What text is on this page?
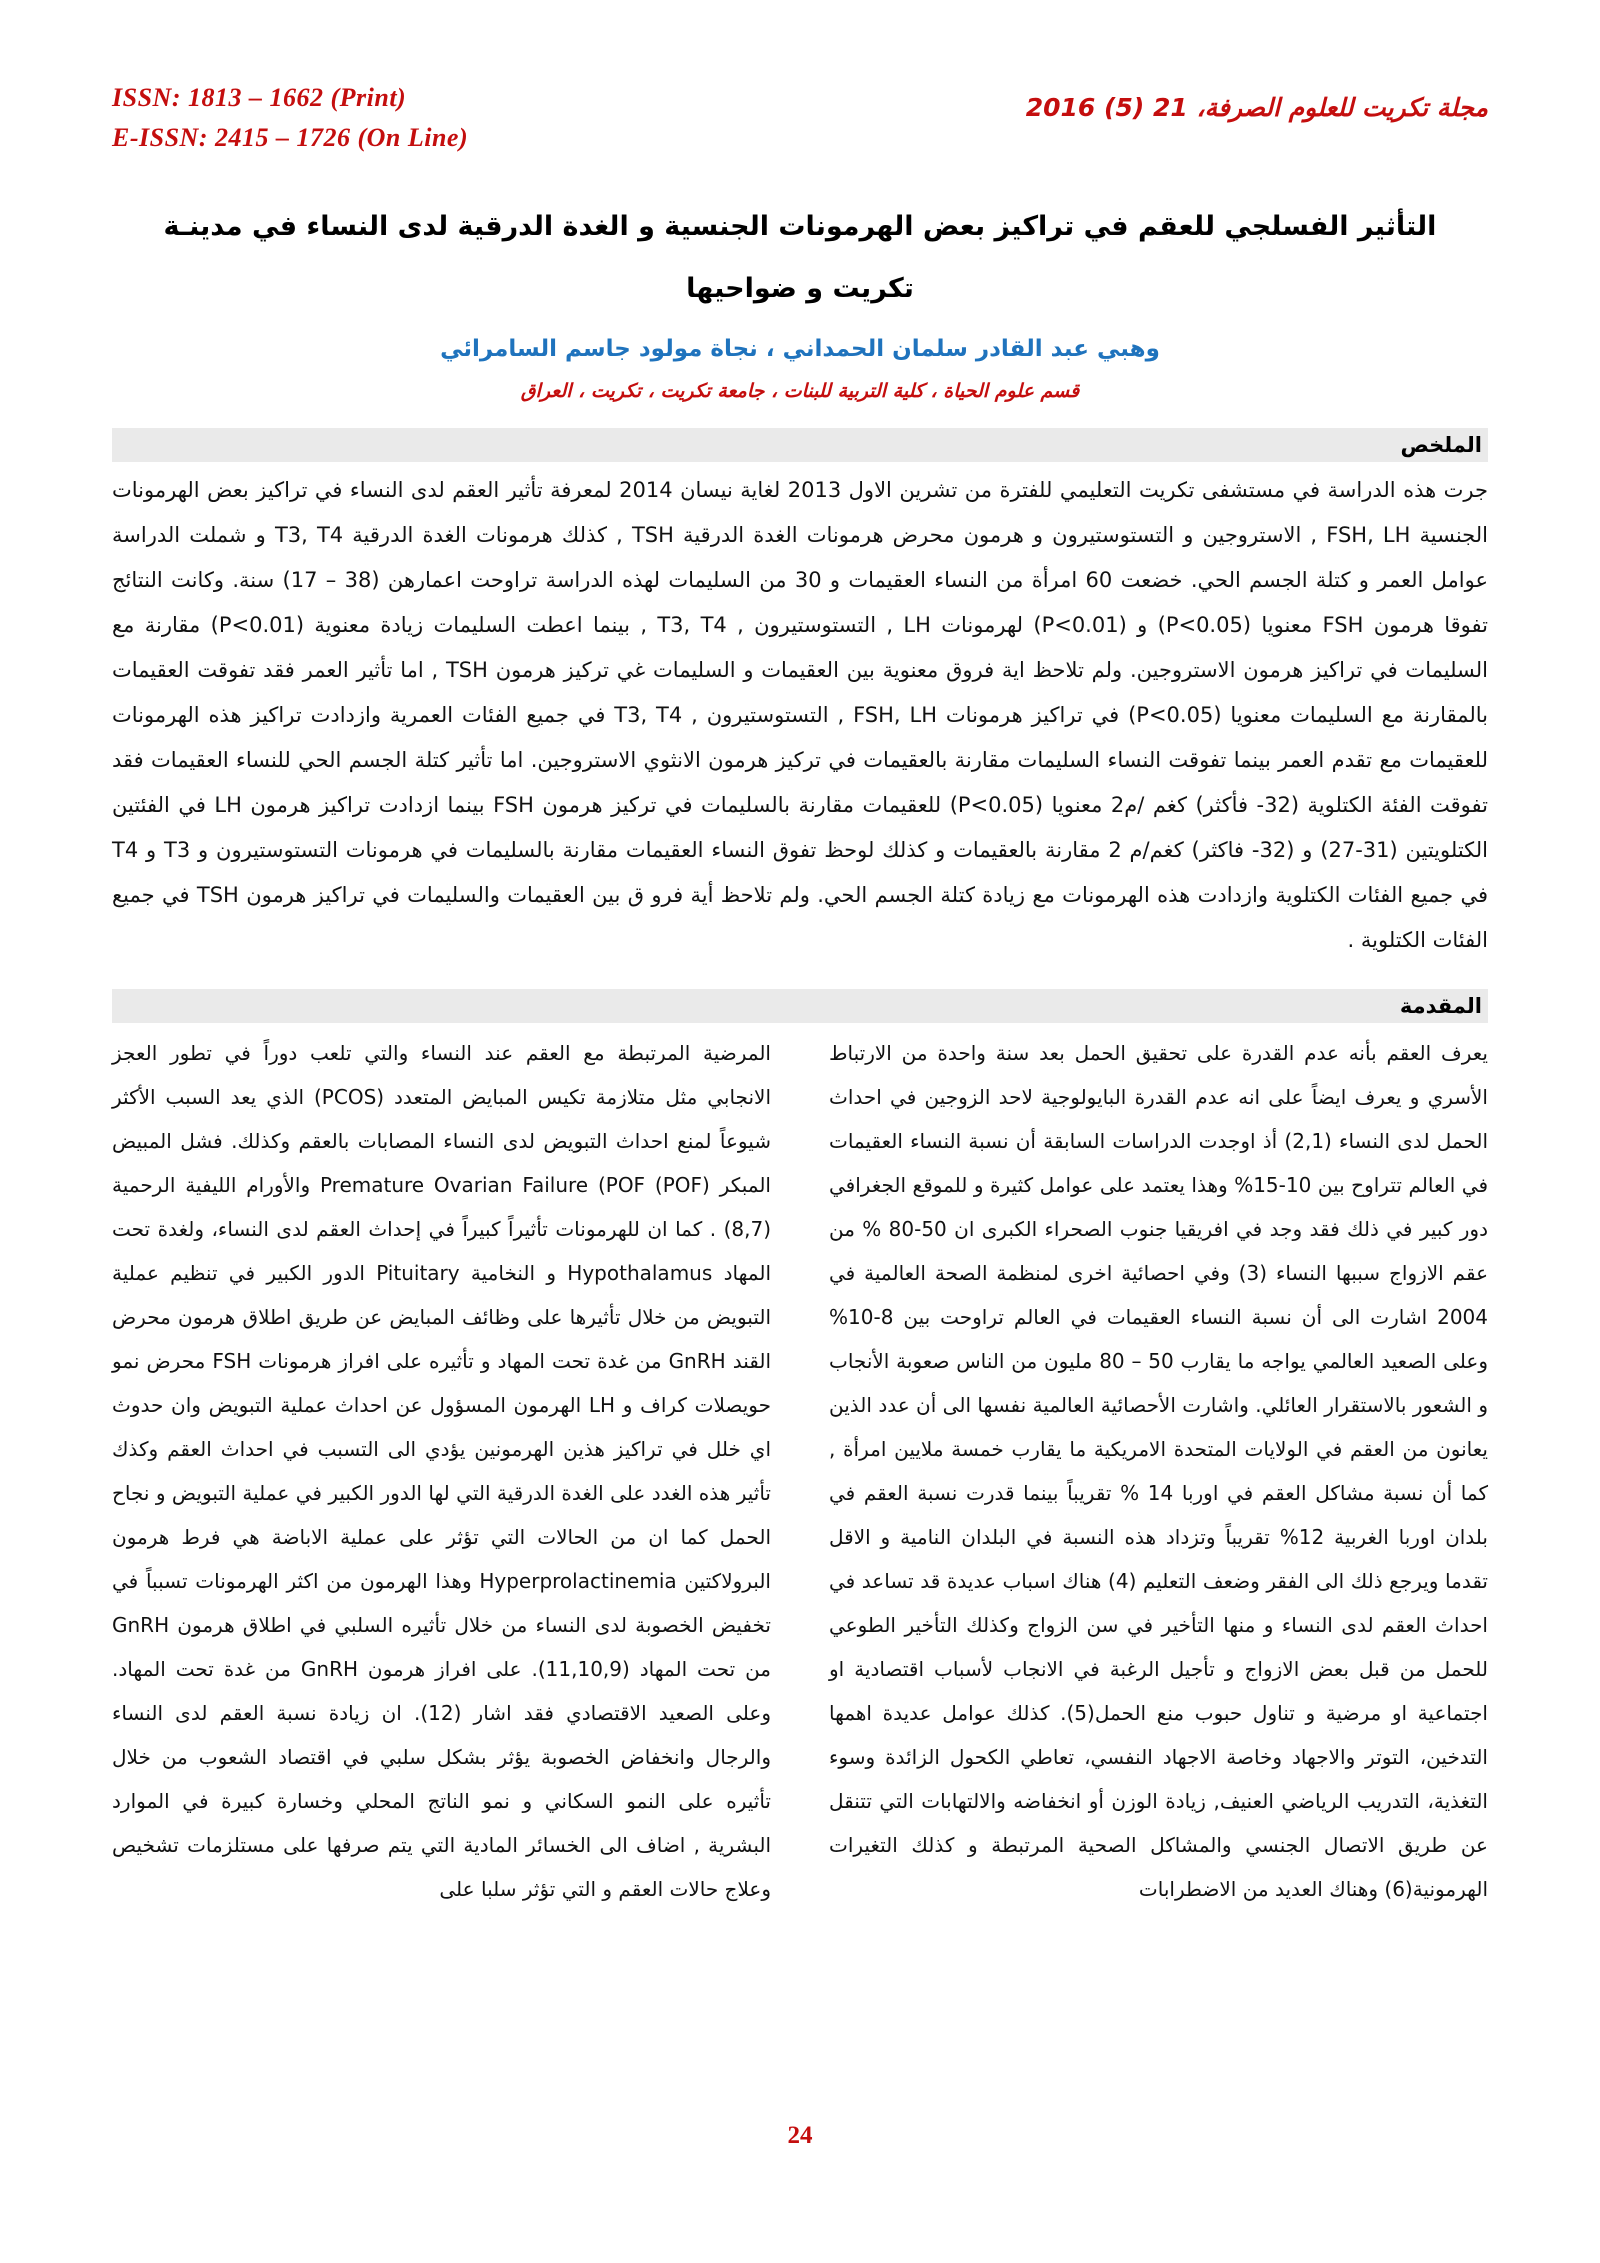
ISSN: 1813 – 1662 (Print)
E-ISSN: 2415 – 1726 (On Line)
مجلة تكريت للعلوم الصرفة، 21 (5) 2016
التأثير الفسلجي للعقم في تراكيز بعض الهرمونات الجنسية و الغدة الدرقية لدى النساء في مدينـة
تكريت و ضواحيها
وهبي عبد القادر سلمان الحمداني ، نجاة مولود جاسم السامرائي
قسم علوم الحياة ، كلية التربية للبنات ، جامعة تكريت ، تكريت ، العراق
الملخص

جرت هذه الدراسة في مستشفى تكريت التعليمي للفترة من تشرين الاول 2013 لغاية نيسان 2014 لمعرفة تأثير العقم لدى النساء في تراكيز بعض الهرمونات الجنسية FSH, LH , الاستروجين و التستوستيرون و هرمون محرض هرمونات الغدة الدرقية TSH , كذلك هرمونات الغدة الدرقية T3, T4 و شملت الدراسة عوامل العمر و كتلة الجسم الحي. خضعت 60 امرأة من النساء العقيمات و 30 من السليمات لهذه الدراسة تراوحت اعمارهن (38 – 17) سنة. وكانت النتائج تفوقا هرمون FSH معنويا (P<0.05) و (P<0.01) لهرمونات LH , التستوستيرون , T3, T4 , بينما اعطت السليمات زيادة معنوية (P<0.01) مقارنة مع السليمات في تراكيز هرمون الاستروجين. ولم تلاحظ اية فروق معنوية بين العقيمات و السليمات غي تركيز هرمون TSH , اما تأثير العمر فقد تفوقت العقيمات بالمقارنة مع السليمات معنويا (P<0.05) في تراكيز هرمونات FSH, LH , التستوستيرون , T3, T4 في جميع الفئات العمرية وازدادت تراكيز هذه الهرمونات للعقيمات مع تقدم العمر بينما تفوقت النساء السليمات مقارنة بالعقيمات في تركيز هرمون الانثوي الاستروجين. اما تأثير كتلة الجسم الحي للنساء العقيمات فقد تفوقت الفئة الكتلوية (32- فأكثر) كغم /م2 معنويا (P<0.05) للعقيمات مقارنة بالسليمات في تركيز هرمون FSH بينما ازدادت تراكيز هرمون LH في الفئتين الكتلويتين (31-27) و (32- فاكثر) كغم/م 2 مقارنة بالعقيمات و كذلك لوحظ تفوق النساء العقيمات مقارنة بالسليمات في هرمونات التستوستيرون و T3 و T4 في جميع الفئات الكتلوية وازدادت هذه الهرمونات مع زيادة كتلة الجسم الحي. ولم تلاحظ أية فرو ق بين العقيمات والسليمات في تراكيز هرمون TSH في جميع الفئات الكتلوية .

المقدمة

يعرف العقم بأنه عدم القدرة على تحقيق الحمل بعد سنة واحدة من الارتباط الأسري و يعرف ايضاً على انه عدم القدرة البايولوجية لاحد الزوجين في احداث الحمل لدى النساء (2,1) أذ اوجدت الدراسات السابقة أن نسبة النساء العقيمات في العالم تتراوح بين 10-15% وهذا يعتمد على عوامل كثيرة و للموقع الجغرافي دور كبير في ذلك فقد وجد في افريقيا جنوب الصحراء الكبرى ان 50-80 % من عقم الازواج سببها النساء (3) وفي احصائية اخرى لمنظمة الصحة العالمية في 2004 اشارت الى أن نسبة النساء العقيمات في العالم تراوحت بين 8-10% وعلى الصعيد العالمي يواجه ما يقارب 50 – 80 مليون من الناس صعوبة الأنجاب و الشعور بالاستقرار العائلي. واشارت الأحصائية العالمية نفسها الى أن عدد الذين يعانون من العقم في الولايات المتحدة الامريكية ما يقارب خمسة ملايين امرأة , كما أن نسبة مشاكل العقم في اوربا 14 % تقريباً بينما قدرت نسبة العقم في بلدان اوربا الغربية 12% تقريباً وتزداد هذه النسبة في البلدان النامية و الاقل تقدما ويرجع ذلك الى الفقر وضعف التعليم (4) هناك اسباب عديدة قد تساعد في احداث العقم لدى النساء و منها التأخير في سن الزواج وكذلك التأخير الطوعي للحمل من قبل بعض الازواج و تأجيل الرغبة في الانجاب لأسباب اقتصادية او اجتماعية او مرضية و تناول حبوب منع الحمل(5). كذلك عوامل عديدة اهمها التدخين، التوتر والاجهاد وخاصة الاجهاد النفسي، تعاطي الكحول الزائدة وسوء التغذية، التدريب الرياضي العنيف, زيادة الوزن أو انخفاضه والالتهابات التي تتنقل عن طريق الاتصال الجنسي والمشاكل الصحية المرتبطة و كذلك التغيرات الهرمونية(6) وهناك العديد من الاضطرابات

المرضية المرتبطة مع العقم عند النساء والتي تلعب دوراً في تطور العجز الانجابي مثل متلازمة تكيس المبايض المتعدد (PCOS) الذي يعد السبب الأكثر شيوعاً لمنع احداث التبويض لدى النساء المصابات بالعقم وكذلك. فشل المبيض المبكر (POF) Premature Ovarian Failure (POF والأورام الليفية الرحمية (8,7) . كما ان للهرمونات تأثيراً كبيراً في إحداث العقم لدى النساء، ولغدة تحت المهاد Hypothalamus و النخامية Pituitary الدور الكبير في تنظيم عملية التبويض من خلال تأثيرها على وظائف المبايض عن طريق اطلاق هرمون محرض القند GnRH من غدة تحت المهاد و تأثيره على افراز هرمونات FSH محرض نمو حويصلات كراف و LH الهرمون المسؤول عن احداث عملية التبويض وان حدوث اي خلل في تراكيز هذين الهرمونين يؤدي الى التسبب في احداث العقم وكذك تأثير هذه الغدد على الغدة الدرقية التي لها الدور الكبير في عملية التبويض و نجاح الحمل كما ان من الحالات التي تؤثر على عملية الاباضة هي فرط هرمون البرولاكتين Hyperprolactinemia وهذا الهرمون من اكثر الهرمونات تسبباً في تخفيض الخصوبة لدى النساء من خلال تأثيره السلبي في اطلاق هرمون GnRH من تحت المهاد (11,10,9). على افراز هرمون GnRH من غدة تحت المهاد. وعلى الصعيد الاقتصادي فقد اشار (12). ان زيادة نسبة العقم لدى النساء والرجال وانخفاض الخصوبة يؤثر بشكل سلبي في اقتصاد الشعوب من خلال تأثيره على النمو السكاني و نمو الناتج المحلي وخسارة كبيرة في الموارد البشرية , اضاف الى الخسائر المادية التي يتم صرفها على مستلزمات تشخيص وعلاج حالات العقم و التي تؤثر سلبا على

24
